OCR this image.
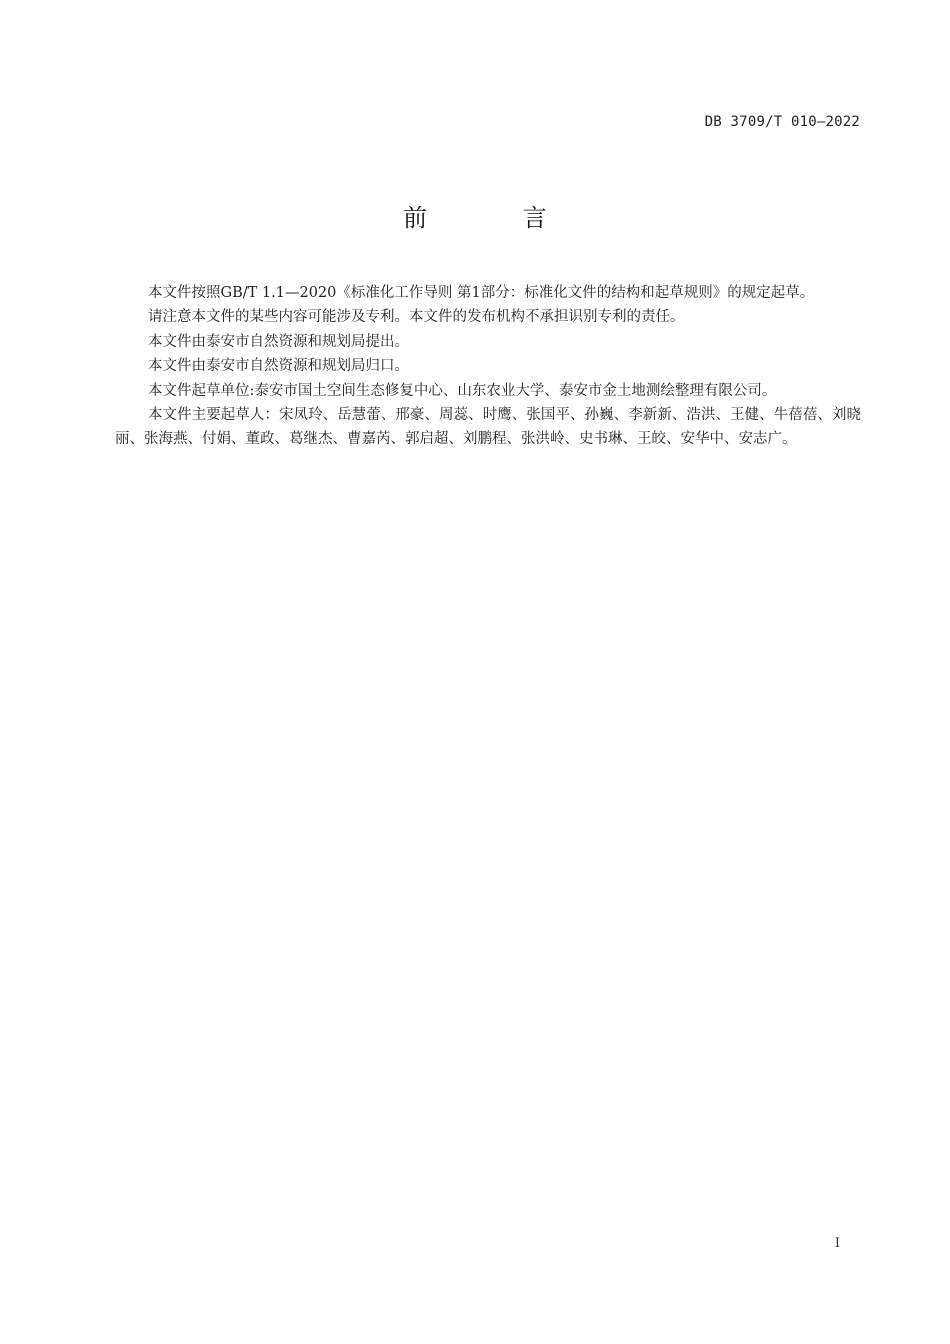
DB 3709/T 010—2022
前 言

本文件按照GB/T 1.1—2020《标准化工作导则 第1部分：标准化文件的结构和起草规则》的规定起草。

请注意本文件的某些内容可能涉及专利。本文件的发布机构不承担识别专利的责任。

本文件由泰安市自然资源和规划局提出。

本文件由泰安市自然资源和规划局归口。

本文件起草单位:泰安市国土空间生态修复中心、山东农业大学、泰安市金土地测绘整理有限公司。

本文件主要起草人：宋凤玲、岳慧蕾、邢豪、周蕊、时鹰、张国平、孙巍、李新新、浩洪、王健、牛蓓蓓、刘晓丽、张海燕、付娟、董政、葛继杰、曹嘉芮、郭启超、刘鹏程、张洪岭、史书琳、王皎、安华中、安志广。

I
